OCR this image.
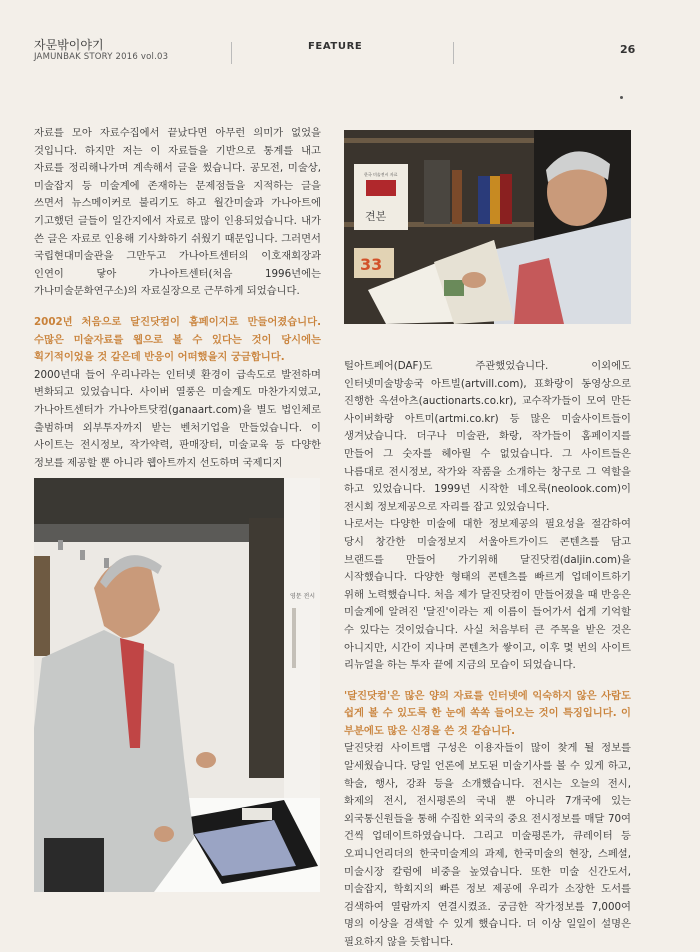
자문밖이야기
JAMUNBAK STORY 2016 vol.03
FEATURE	26

자료를 모아 자료수집에서 끝났다면 아무런 의미가 없었을 것입니다. 하지만 저는 이 자료들을 기반으로 통계를 내고 자료를 정리해나가며 계속해서 글을 썼습니다. 공모전, 미술상, 미술잡지 등 미술계에 존재하는 문제점들을 지적하는 글을 쓰면서 뉴스메이커로 불리기도 하고 월간미술과 가나아트에 기고했던 글들이 일간지에서 자료로 많이 인용되었습니다. 내가 쓴 글은 자료로 인용해 기사화하기 쉬웠기 때문입니다. 그러면서 국립현대미술관을 그만두고 가나아트센터의 이호재회장과 인연이 닿아 가나아트센터(처음 1996년에는 가나미술문화연구소)의 자료실장으로 근무하게 되었습니다.

2002년 처음으로 달진닷컴이 홈페이지로 만들어졌습니다. 수많은 미술자료를 웹으로 볼 수 있다는 것이 당시에는 획기적이었을 것 같은데 반응이 어떠했을지 궁금합니다.

2000년대 들어 우리나라는 인터넷 환경이 급속도로 발전하며 변화되고 있었습니다. 사이버 열풍은 미술계도 마찬가지였고, 가나아트센터가 가나아트닷컴(ganaart.com)을 별도 법인체로 출범하며 외부투자까지 받는 벤처기업을 만들었습니다. 이 사이트는 전시정보, 작가약력, 판매장터, 미술교육 등 다양한 정보를 제공할 뿐 아니라 웹아트까지 선도하며 국제디지

털아트페어(DAF)도 주관했었습니다. 이외에도 인터넷미술방송국 아트빌(artvill.com), 표화랑이 동영상으로 진행한 옥션아츠(auctionarts.co.kr), 교수작가들이 모여 만든 사이버화랑 아트미(artmi.co.kr) 등 많은 미술사이트들이 생겨났습니다. 더구나 미술관, 화랑, 작가들이 홈페이지를 만들어 그 숫자를 헤아릴 수 없었습니다. 그 사이트들은 나름대로 전시정보, 작가와 작품을 소개하는 창구로 그 역할을 하고 있었습니다. 1999년 시작한 네오룩(neolook.com)이 전시회 정보제공으로 자리를 잡고 있었습니다.

나로서는 다양한 미술에 대한 정보제공의 필요성을 절감하여 당시 창간한 미술정보지 서울아트가이드 콘텐츠를 담고 브랜드를 만들어 가기위해 달진닷컴(daljin.com)을 시작했습니다. 다양한 형태의 콘텐츠를 빠르게 업데이트하기 위해 노력했습니다. 처음 제가 달진닷컴이 만들어졌을 때 반응은 미술계에 알려진 '달진'이라는 제 이름이 들어가서 쉽게 기억할 수 있다는 것이었습니다. 사실 처음부터 큰 주목을 받은 것은 아니지만, 시간이 지나며 콘텐츠가 쌓이고, 이후 몇 번의 사이트 리뉴얼을 하는 투자 끝에 지금의 모습이 되었습니다.

'달진닷컴'은 많은 양의 자료를 인터넷에 익숙하지 않은 사람도 쉽게 볼 수 있도록 한 눈에 쏙쏙 들어오는 것이 특징입니다. 이 부분에도 많은 신경을 쓴 것 같습니다.

달진닷컴 사이트맵 구성은 이용자들이 많이 찾게 될 정보를 알세웠습니다. 당일 언론에 보도된 미술기사를 볼 수 있게 하고, 학술, 행사, 강좌 등을 소개했습니다. 전시는 오늘의 전시, 화제의 전시, 전시평론의 국내 뿐 아니라 7개국에 있는 외국통신원들을 통해 수집한 외국의 중요 전시정보를 매달 70여 건씩 업데이트하였습니다. 그리고 미술평론가, 큐레이터 등 오피니언리더의 한국미술계의 과제, 한국미술의 현장, 스페셜, 미술시장 칼럼에 비중을 높였습니다. 또한 미술 신간도서, 미술잡지, 학회지의 빠른 정보 제공에 우리가 소장한 도서를 검색하여 열람까지 연결시켰죠. 궁금한 작가정보를 7,000여 명의 이상을 검색할 수 있게 했습니다. 더 이상 일일이 설명은 필요하지 않을 듯합니다.

한국 미술전시 자료
견본
33
영문 전시
